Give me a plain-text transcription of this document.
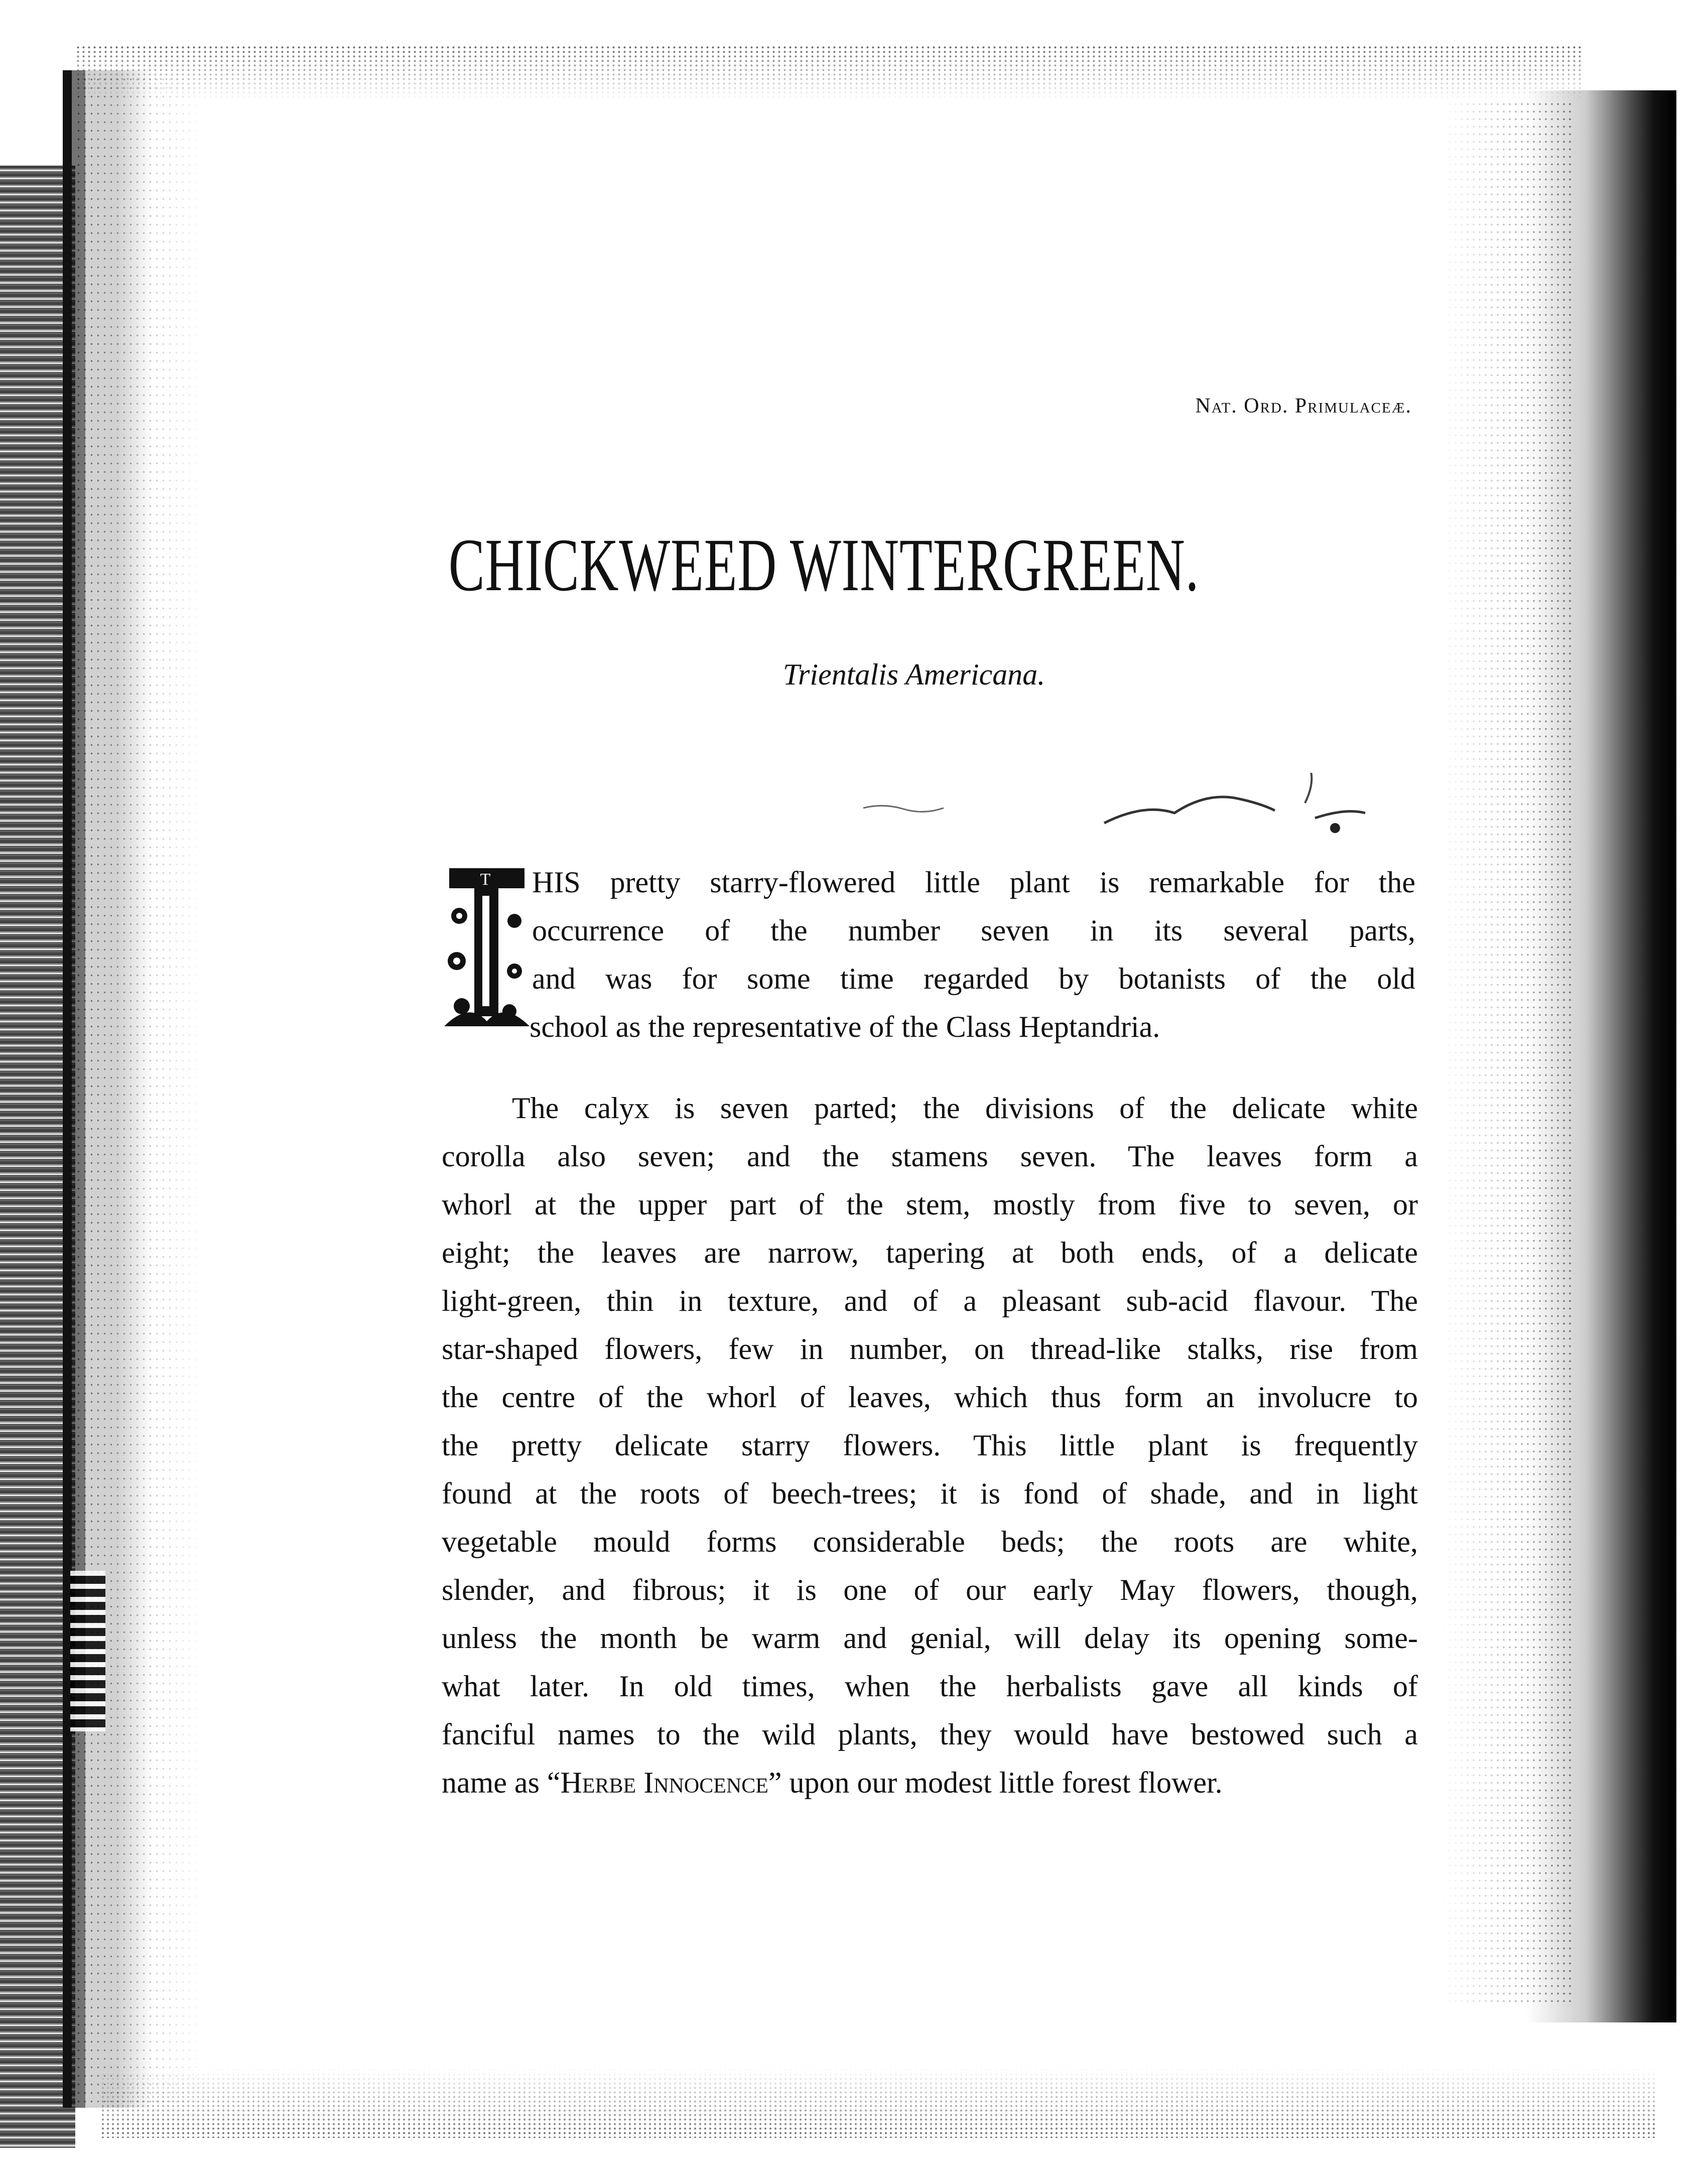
Nat. Ord. Primulaceæ.
CHICKWEED WINTERGREEN.
Trientalis Americana.
T HIS pretty starry-flowered little plant is remarkable for the
occurrence of the number seven in its several parts,
and was for some time regarded by botanists of the old
school as the representative of the Class Heptandria.
The calyx is seven parted; the divisions of the delicate white
corolla also seven; and the stamens seven. The leaves form a
whorl at the upper part of the stem, mostly from five to seven, or
eight; the leaves are narrow, tapering at both ends, of a delicate
light-green, thin in texture, and of a pleasant sub-acid flavour. The
star-shaped flowers, few in number, on thread-like stalks, rise from
the centre of the whorl of leaves, which thus form an involucre to
the pretty delicate starry flowers. This little plant is frequently
found at the roots of beech-trees; it is fond of shade, and in light
vegetable mould forms considerable beds; the roots are white,
slender, and fibrous; it is one of our early May flowers, though,
unless the month be warm and genial, will delay its opening some-
what later. In old times, when the herbalists gave all kinds of
fanciful names to the wild plants, they would have bestowed such a
name as “Herbe Innocence” upon our modest little forest flower.
